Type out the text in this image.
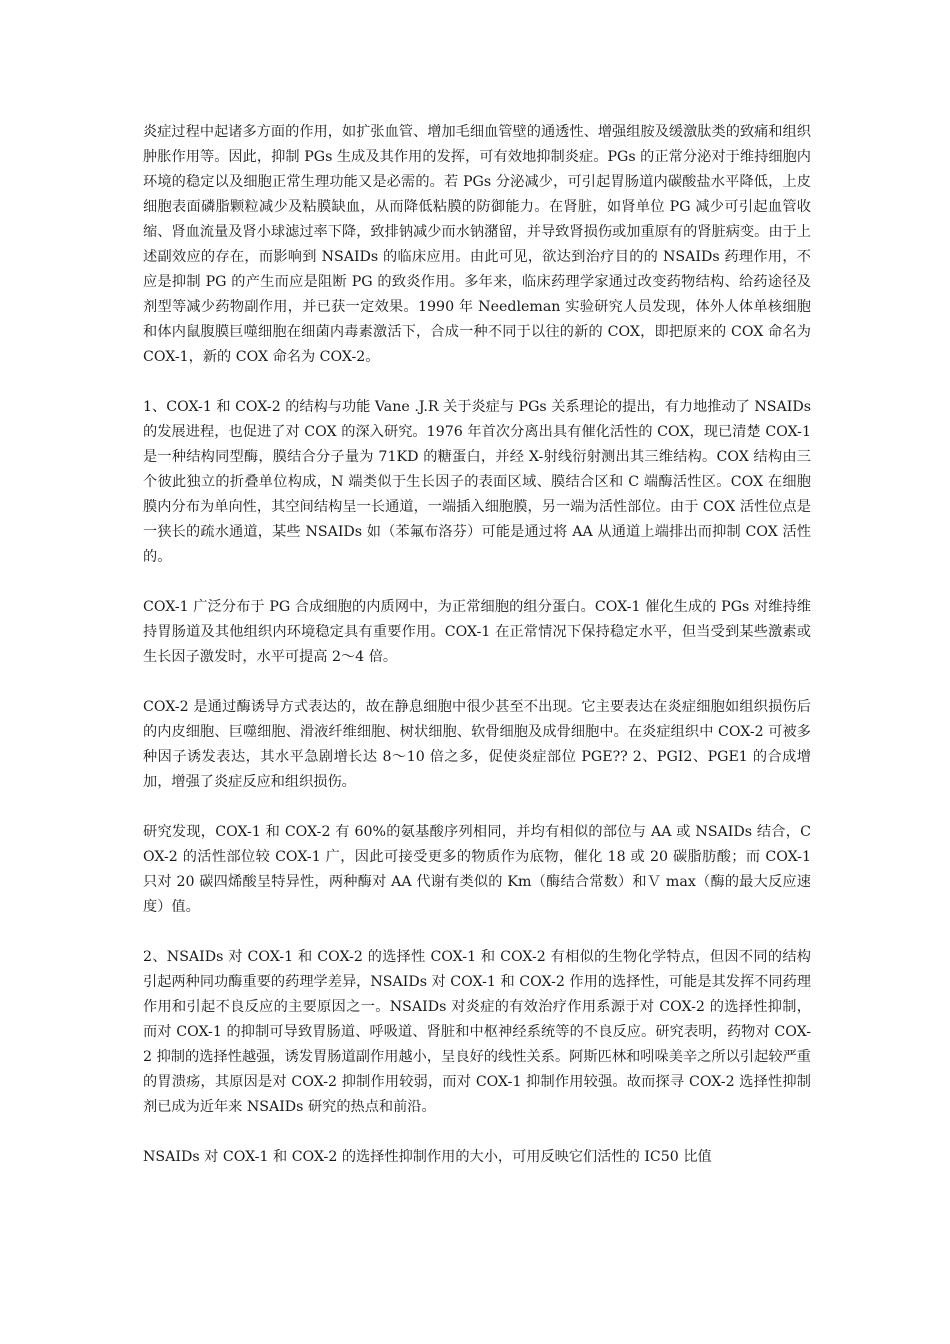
炎症过程中起诸多方面的作用，如扩张血管、增加毛细血管壁的通透性、增强组胺及缓激肽类的致痛和组织肿胀作用等。因此，抑制 PGs 生成及其作用的发挥，可有效地抑制炎症。PGs 的正常分泌对于维持细胞内环境的稳定以及细胞正常生理功能又是必需的。若 PGs 分泌减少，可引起胃肠道内碳酸盐水平降低，上皮细胞表面磷脂颗粒减少及粘膜缺血，从而降低粘膜的防御能力。在肾脏，如肾单位 PG 减少可引起血管收缩、肾血流量及肾小球滤过率下降，致排钠减少而水钠潴留，并导致肾损伤或加重原有的肾脏病变。由于上述副效应的存在，而影响到 NSAIDs 的临床应用。由此可见，欲达到治疗目的的 NSAIDs 药理作用，不应是抑制 PG 的产生而应是阻断 PG 的致炎作用。多年来，临床药理学家通过改变药物结构、给药途径及剂型等减少药物副作用，并已获一定效果。1990 年 Needleman 实验研究人员发现，体外人体单核细胞和体内鼠腹膜巨噬细胞在细菌内毒素激活下，合成一种不同于以往的新的 COX，即把原来的 COX 命名为 COX-1，新的 COX 命名为 COX-2。

1、COX-1 和 COX-2 的结构与功能 Vane .J.R 关于炎症与 PGs 关系理论的提出，有力地推动了 NSAIDs 的发展进程，也促进了对 COX 的深入研究。1976 年首次分离出具有催化活性的 COX，现已清楚 COX-1 是一种结构同型酶，膜结合分子量为 71KD 的糖蛋白，并经 X-射线衍射测出其三维结构。COX 结构由三个彼此独立的折叠单位构成，N 端类似于生长因子的表面区域、膜结合区和 C 端酶活性区。COX 在细胞膜内分布为单向性，其空间结构呈一长通道，一端插入细胞膜，另一端为活性部位。由于 COX 活性位点是一狭长的疏水通道，某些 NSAIDs 如（苯氟布洛芬）可能是通过将 AA 从通道上端排出而抑制 COX 活性的。

COX-1 广泛分布于 PG 合成细胞的内质网中，为正常细胞的组分蛋白。COX-1 催化生成的 PGs 对维持维持胃肠道及其他组织内环境稳定具有重要作用。COX-1 在正常情况下保持稳定水平，但当受到某些激素或生长因子激发时，水平可提高 2～4 倍。

COX-2 是通过酶诱导方式表达的，故在静息细胞中很少甚至不出现。它主要表达在炎症细胞如组织损伤后的内皮细胞、巨噬细胞、滑液纤维细胞、树状细胞、软骨细胞及成骨细胞中。在炎症组织中 COX-2 可被多种因子诱发表达，其水平急剧增长达 8～10 倍之多，促使炎症部位 PGE?? 2、PGI2、PGE1 的合成增加，增强了炎症反应和组织损伤。

研究发现，COX-1 和 COX-2 有 60%的氨基酸序列相同，并均有相似的部位与 AA 或 NSAIDs 结合，COX-2 的活性部位较 COX-1 广，因此可接受更多的物质作为底物，催化 18 或 20 碳脂肪酸；而 COX-1 只对 20 碳四烯酸呈特异性，两种酶对 AA 代谢有类似的 Km（酶结合常数）和Ｖ max（酶的最大反应速度）值。

2、NSAIDs 对 COX-1 和 COX-2 的选择性 COX-1 和 COX-2 有相似的生物化学特点，但因不同的结构引起两种同功酶重要的药理学差异，NSAIDs 对 COX-1 和 COX-2 作用的选择性，可能是其发挥不同药理作用和引起不良反应的主要原因之一。NSAIDs 对炎症的有效治疗作用系源于对 COX-2 的选择性抑制，而对 COX-1 的抑制可导致胃肠道、呼吸道、肾脏和中枢神经系统等的不良反应。研究表明，药物对 COX-2 抑制的选择性越强，诱发胃肠道副作用越小，呈良好的线性关系。阿斯匹林和吲哚美辛之所以引起较严重的胃溃疡，其原因是对 COX-2 抑制作用较弱，而对 COX-1 抑制作用较强。故而探寻 COX-2 选择性抑制剂已成为近年来 NSAIDs 研究的热点和前沿。

NSAIDs 对 COX-1 和 COX-2 的选择性抑制作用的大小，可用反映它们活性的 IC50 比值
